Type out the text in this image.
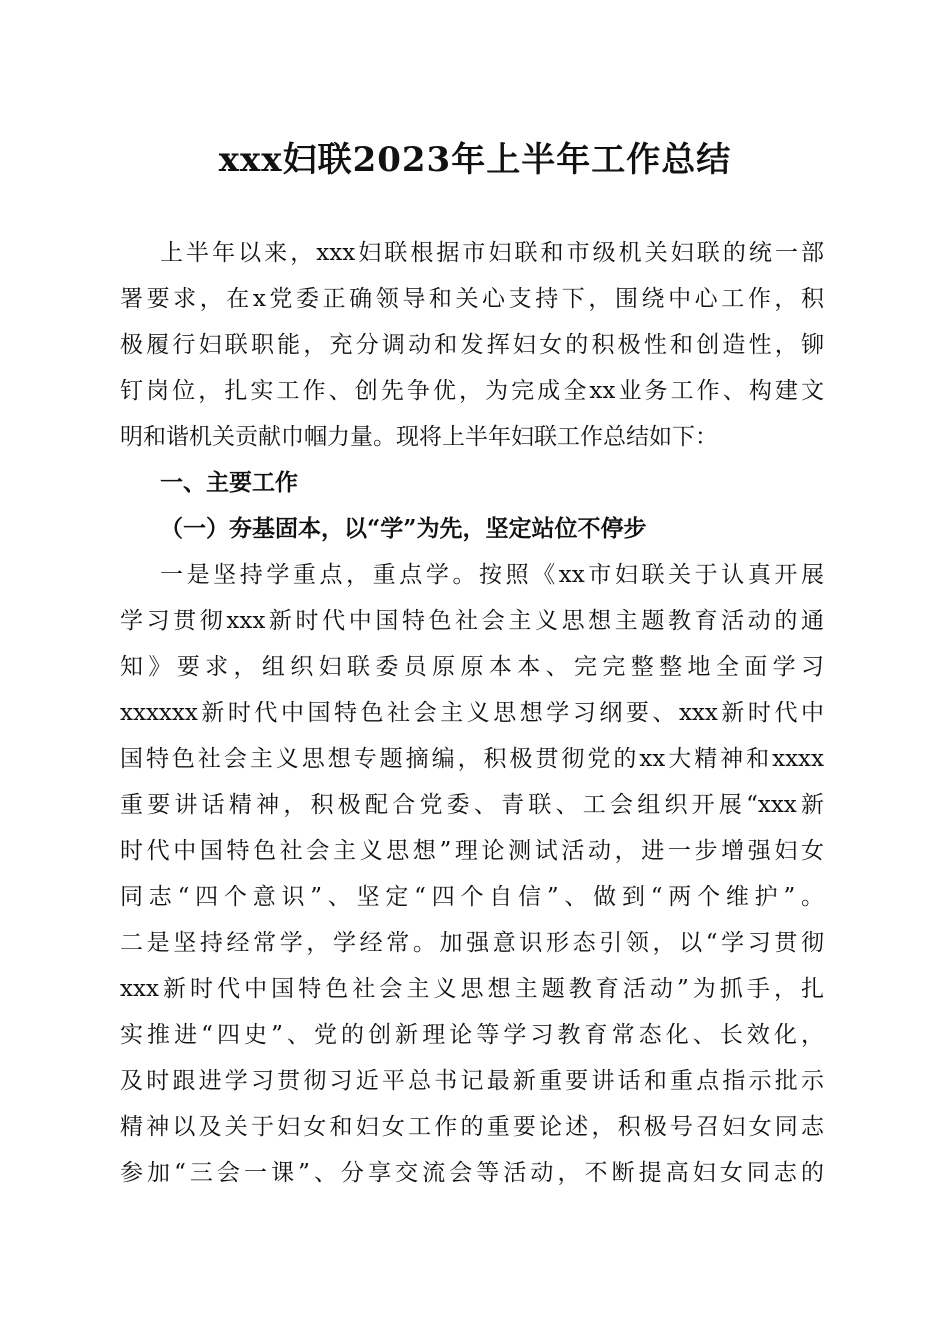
xxx妇联2023年上半年工作总结
上半年以来，xxx妇联根据市妇联和市级机关妇联的统一部
署要求，在x党委正确领导和关心支持下，围绕中心工作，积
极履行妇联职能，充分调动和发挥妇女的积极性和创造性，铆
钉岗位，扎实工作、创先争优，为完成全xx业务工作、构建文
明和谐机关贡献巾帼力量。现将上半年妇联工作总结如下：
一、主要工作
（一）夯基固本，以“学”为先，坚定站位不停步
一是坚持学重点，重点学。按照《xx市妇联关于认真开展
学习贯彻xxx新时代中国特色社会主义思想主题教育活动的通
知》要求，组织妇联委员原原本本、完完整整地全面学习
xxxxxx新时代中国特色社会主义思想学习纲要、xxx新时代中
国特色社会主义思想专题摘编，积极贯彻党的xx大精神和xxxx
重要讲话精神，积极配合党委、青联、工会组织开展“xxx新
时代中国特色社会主义思想”理论测试活动，进一步增强妇女
同志“四个意识”、坚定“四个自信”、做到“两个维护”。
二是坚持经常学，学经常。加强意识形态引领，以“学习贯彻
xxx新时代中国特色社会主义思想主题教育活动”为抓手，扎
实推进“四史”、党的创新理论等学习教育常态化、长效化，
及时跟进学习贯彻习近平总书记最新重要讲话和重点指示批示
精神以及关于妇女和妇女工作的重要论述，积极号召妇女同志
参加“三会一课”、分享交流会等活动，不断提高妇女同志的
